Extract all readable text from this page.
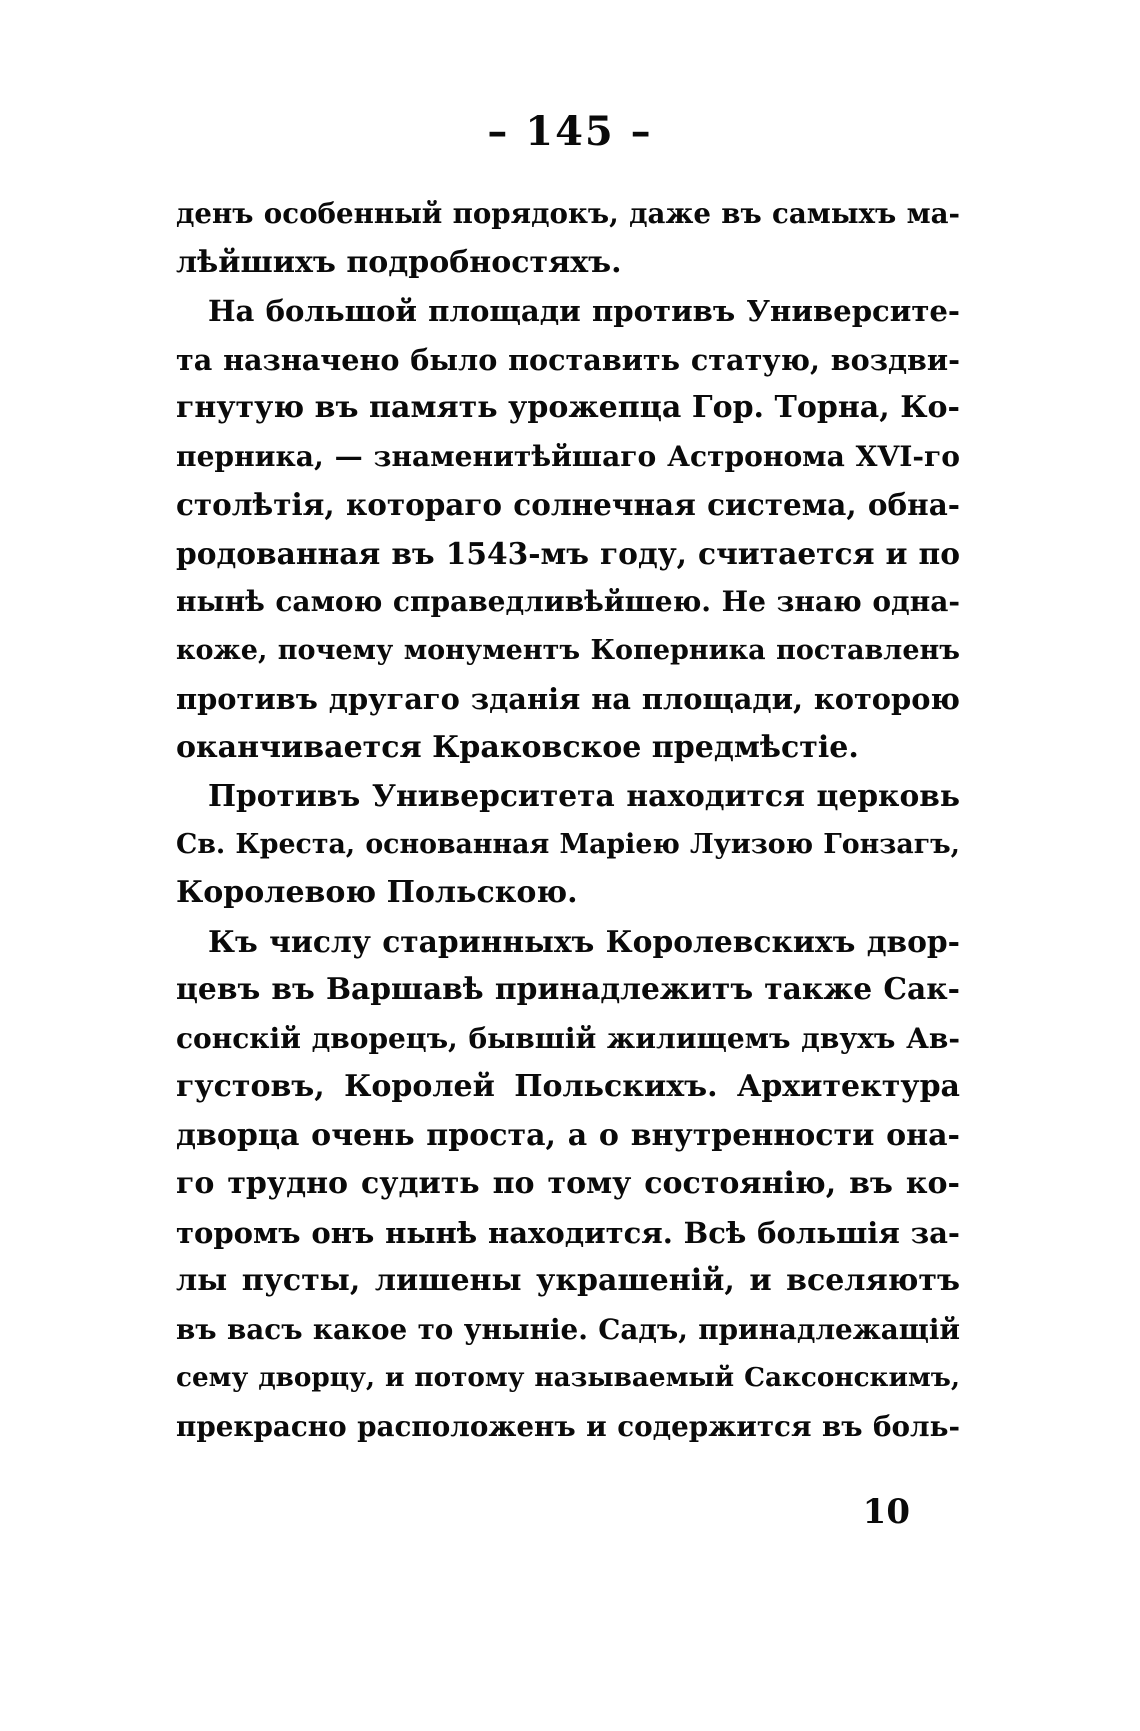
– 145 –
денъ особенный порядокъ, даже въ самыхъ ма-
лѣйшихъ подробностяхъ.
На большой площади противъ Университе-
та назначено было поставить статую, воздви-
гнутую въ память урожепца Гор. Торна, Ко-
перника, — знаменитѣйшаго Астронома XVI-го
столѣтія, котораго солнечная система, обна-
родованная въ 1543-мъ году, считается и по
нынѣ самою справедливѣйшею. Не знаю одна-
коже, почему монументъ Коперника поставленъ
противъ другаго зданія на площади, которою
оканчивается Краковское предмѣстіе.
Противъ Университета находится церковь
Св. Креста, основанная Маріею Луизою Гонзагъ,
Королевою Польскою.
Къ числу старинныхъ Королевскихъ двор-
цевъ въ Варшавѣ принадлежитъ также Сак-
сонскій дворецъ, бывшій жилищемъ двухъ Ав-
густовъ, Королей Польскихъ. Архитектура
дворца очень проста, а о внутренности она-
го трудно судить по тому состоянію, въ ко-
торомъ онъ нынѣ находится. Всѣ большія за-
лы пусты, лишены украшеній, и вселяютъ
въ васъ какое то уныніе. Садъ, принадлежащій
сему дворцу, и потому называемый Саксонскимъ,
прекрасно расположенъ и содержится въ боль-
10
